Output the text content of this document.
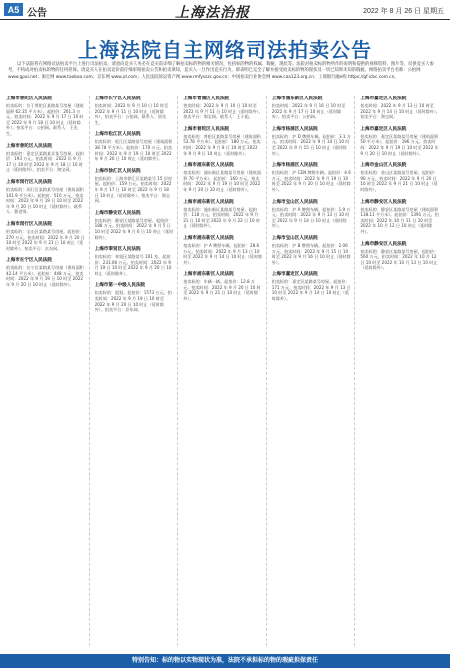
A5 公告	上海法治报	2022 年 8 月 26 日 星期五
上海法院自主网络司法拍卖公告
以下法院将在网络司法拍卖平台上进行司法拍卖，请意向竞买人务必在竞买前详细了解拍卖标的物的相关情况，包括标的物的权属、瑕疵、现状等。法院对拍卖标的物所作的说明和提供的视频资料、图片等，仅供竞买人参考，不构成对拍卖标的物的任何担保。请竞买人在拍卖竞价前仔细审阅拍卖公告和拍卖须知，竞买人一旦作出竞买行为，即表明已完全了解并接受拍卖标的物的现状及一切已知和未知的瑕疵。网络拍卖平台名称：公拍网 www.gpai.net；淘宝网 www.taobao.com；京东网 www.jd.com；人民法院诉讼资产网 www.rmfysszc.gov.cn；中国拍卖行业协会网 www.caa123.org.cn；工商银行融e购 https://gf.icbc.com.cn。
上海市普陀区人民法院
拍卖标的：位于普陀区某路某号房屋（建筑面积 62.35 平方米）。起拍价：261.3 万元。拍卖时间：2022 年 9 月 17 日 10 时至 2022 年 9 月 18 日 10 时止（延时除外）。拍卖平台：公拍网。联系人：王先生。
上海市普陀区人民法院
拍卖标的：嘉定区某路某弄某号房屋。起拍价：193 万元。拍卖时间：2022 年 9 月 17 日 10 时至 2022 年 9 月 18 日 10 时止（延时除外）。拍卖平台：淘宝网。
上海市闵行区人民法院
拍卖标的：闵行区某路某号房屋（建筑面积 101.9 平方米）。起拍价：510 万元。拍卖时间：2022 年 9 月 19 日 10 时至 2022 年 9 月 20 日 10 时止（延时除外）。联系人：曹老师。
上海市闵行区人民法院
拍卖标的：宝山区某路某号房屋。起拍价：270 万元。拍卖时间：2022 年 9 月 20 日 10 时至 2022 年 9 月 21 日 10 时止（延时除外）。拍卖平台：京东网。
上海市长宁区人民法院
拍卖标的：长宁区某路某号房屋（建筑面积 42.14 平方米）。起拍价：448 万元。拍卖时间：2022 年 9 月 19 日 10 时至 2022 年 9 月 20 日 10 时止（延时除外）。
上海市长宁区人民法院
拍卖时间：2022 年 9 月 10 日 10 时至 2022 年 9 月 11 日 10 时止（延时除外）。拍卖平台：公拍网。联系人：屈先生。
上海市松江区人民法院
拍卖标的：松江区某路某号房屋（建筑面积 38.78 平方米）。起拍价：170 万元。拍卖时间：2022 年 9 月 19 日 10 时至 2022 年 9 月 20 日 10 时止（延时除外）。
上海市徐汇区人民法院
拍卖标的：上海市徐汇区某路某号 15 层房屋。起拍价：159 万元。拍卖时间：2022 年 9 月 17 日 10 时至 2022 年 9 月 18 日 10 时止（延时除外）。拍卖平台：淘宝网。
上海市静安区人民法院
拍卖标的：静安区某路某号房屋。起拍价：188 万元。拍卖时间：2022 年 9 月 5 日 10 时至 2022 年 9 月 6 日 10 时止（延时除外）。
上海市奉贤区人民法院
拍卖标的：奉贤区某路某号 101 室。起拍价：233.06 万元。拍卖时间：2022 年 9 月 19 日 10 时至 2022 年 9 月 20 日 10 时止（延时除外）。
上海市第一中级人民法院
拍卖标的：股权。起拍价：1573 万元。拍卖时间：2022 年 9 月 19 日 10 时至 2022 年 9 月 20 日 10 时止（延时除外）。拍卖平台：京东网。
上海市青浦区人民法院
拍卖时间：2022 年 9 月 10 日 10 时至 2022 年 9 月 11 日 10 时止（延时除外）。拍卖平台：淘宝网。联系人：王小姐。
上海市普陀区人民法院
拍卖标的：普陀区某路某号房屋（建筑面积 53.76 平方米）。起拍价：180 万元。拍卖时间：2022 年 9 月 8 日 10 时至 2022 年 9 月 9 日 10 时止（延时除外）。
上海市浦东新区人民法院
拍卖标的：浦东新区某路某号房屋（建筑面积 70 平方米）。起拍价：160 万元。拍卖时间：2022 年 9 月 19 日 10 时至 2022 年 9 月 20 日 10 时止（延时除外）。
上海市浦东新区人民法院
拍卖标的：浦东新区某路某号房屋。起拍价：118 万元。拍卖时间：2022 年 9 月 21 日 10 时至 2022 年 9 月 22 日 10 时止（延时除外）。
上海市浦东新区人民法院
拍卖标的：沪 A 牌照车辆。起拍价：28.6 万元。拍卖时间：2022 年 9 月 13 日 10 时至 2022 年 9 月 14 日 10 时止（延时除外）。
上海市浦东新区人民法院
拍卖标的：车辆一辆。起拍价：12.8 万元。拍卖时间：2022 年 9 月 20 日 10 时至 2022 年 9 月 21 日 10 时止（延时除外）。
上海市浦东新区人民法院
拍卖时间：2022 年 9 月 16 日 10 时至 2022 年 9 月 17 日 10 时止（延时除外）。拍卖平台：公拍网。
上海市杨浦区人民法院
拍卖标的：沪 D 牌照车辆。起拍价：3.1 万元。拍卖时间：2022 年 9 月 14 日 10 时至 2022 年 9 月 15 日 10 时止（延时除外）。
上海市杨浦区人民法院
拍卖标的：沪 CEN 牌照车辆。起拍价：4.6 万元。拍卖时间：2022 年 9 月 19 日 10 时至 2022 年 9 月 20 日 10 时止（延时除外）。
上海市宝山区人民法院
拍卖标的：沪 A 牌照车辆。起拍价：1.9 万元。拍卖时间：2022 年 9 月 13 日 10 时至 2022 年 9 月 14 日 10 时止（延时除外）。
上海市宝山区人民法院
拍卖标的：沪 B 牌照车辆。起拍价：2.06 万元。拍卖时间：2022 年 9 月 15 日 10 时至 2022 年 9 月 16 日 10 时止（延时除外）。
上海市嘉定区人民法院
拍卖标的：嘉定区某路某号房屋。起拍价：171 万元。拍卖时间：2022 年 9 月 13 日 10 时至 2022 年 9 月 14 日 10 时止（延时除外）。
上海市嘉定区人民法院
拍卖时间：2022 年 9 月 13 日 10 时至 2022 年 9 月 14 日 10 时止（延时除外）。拍卖平台：淘宝网。
上海市嘉定区人民法院
拍卖标的：嘉定区某路某号房屋（建筑面积 50 平方米）。起拍价：196 万元。拍卖时间：2022 年 9 月 19 日 10 时至 2022 年 9 月 20 日 10 时止（延时除外）。
上海市金山区人民法院
拍卖标的：金山区某路某号房屋。起拍价：90 万元。拍卖时间：2022 年 9 月 20 日 10 时至 2022 年 9 月 21 日 10 时止（延时除外）。
上海市静安区人民法院
拍卖标的：静安区某路某号房屋（建筑面积 138.11 平方米）。起拍价：1391 万元。拍卖时间：2022 年 10 月 11 日 10 时至 2022 年 10 月 12 日 10 时止（延时除外）。
上海市静安区人民法院
拍卖标的：静安区某路某号房屋。起拍价：560 万元。拍卖时间：2022 年 10 月 12 日 10 时至 2022 年 10 月 13 日 10 时止（延时除外）。
特别告知：标的物以实物现状为准，法院不承担标的物的瑕疵担保责任
